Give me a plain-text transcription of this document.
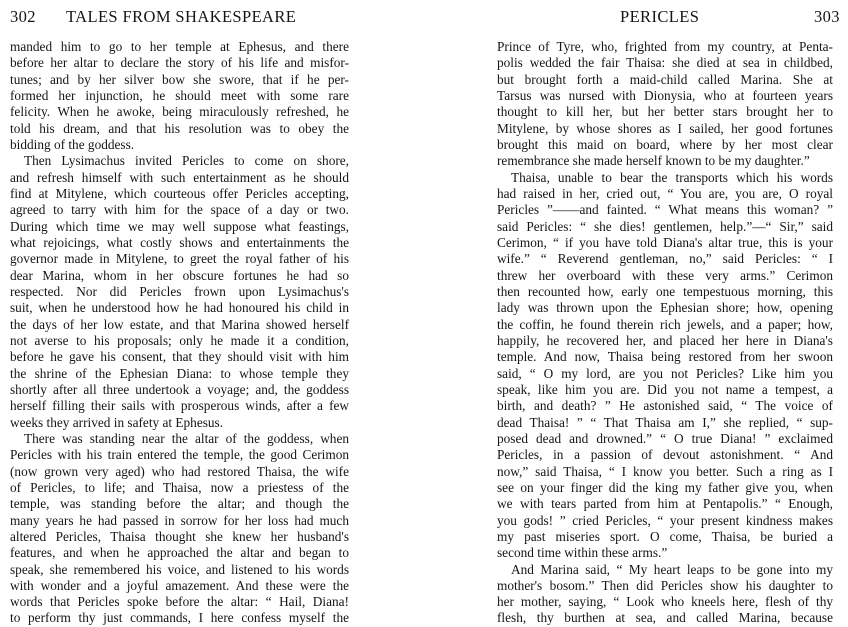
302 TALES FROM SHAKESPEARE
manded him to go to her temple at Ephesus, and there
before her altar to declare the story of his life and misfor-
tunes; and by her silver bow she swore, that if he per-
formed her injunction, he should meet with some rare
felicity. When he awoke, being miraculously refreshed, he
told his dream, and that his resolution was to obey the
bidding of the goddess.
Then Lysimachus invited Pericles to come on shore,
and refresh himself with such entertainment as he should
find at Mitylene, which courteous offer Pericles accepting,
agreed to tarry with him for the space of a day or two.
During which time we may well suppose what feastings,
what rejoicings, what costly shows and entertainments the
governor made in Mitylene, to greet the royal father of his
dear Marina, whom in her obscure fortunes he had so
respected. Nor did Pericles frown upon Lysimachus's
suit, when he understood how he had honoured his child in
the days of her low estate, and that Marina showed herself
not averse to his proposals; only he made it a condition,
before he gave his consent, that they should visit with him
the shrine of the Ephesian Diana: to whose temple they
shortly after all three undertook a voyage; and, the goddess
herself filling their sails with prosperous winds, after a few
weeks they arrived in safety at Ephesus.
There was standing near the altar of the goddess, when
Pericles with his train entered the temple, the good Cerimon
(now grown very aged) who had restored Thaisa, the wife
of Pericles, to life; and Thaisa, now a priestess of the
temple, was standing before the altar; and though the
many years he had passed in sorrow for her loss had much
altered Pericles, Thaisa thought she knew her husband's
features, and when he approached the altar and began to
speak, she remembered his voice, and listened to his words
with wonder and a joyful amazement. And these were the
words that Pericles spoke before the altar: “ Hail, Diana!
to perform thy just commands, I here confess myself the
PERICLES	303
Prince of Tyre, who, frighted from my country, at Penta-
polis wedded the fair Thaisa: she died at sea in childbed,
but brought forth a maid-child called Marina. She at
Tarsus was nursed with Dionysia, who at fourteen years
thought to kill her, but her better stars brought her to
Mitylene, by whose shores as I sailed, her good fortunes
brought this maid on board, where by her most clear
remembrance she made herself known to be my daughter.”
Thaisa, unable to bear the transports which his words
had raised in her, cried out, “ You are, you are, O royal
Pericles ”——and fainted. “ What means this woman? ”
said Pericles: “ she dies! gentlemen, help.”—“ Sir,” said
Cerimon, “ if you have told Diana's altar true, this is your
wife.” “ Reverend gentleman, no,” said Pericles: “ I
threw her overboard with these very arms.” Cerimon
then recounted how, early one tempestuous morning, this
lady was thrown upon the Ephesian shore; how, opening
the coffin, he found therein rich jewels, and a paper; how,
happily, he recovered her, and placed her here in Diana's
temple. And now, Thaisa being restored from her swoon
said, “ O my lord, are you not Pericles? Like him you
speak, like him you are. Did you not name a tempest, a
birth, and death? ” He astonished said, “ The voice of
dead Thaisa! ” “ That Thaisa am I,” she replied, “ sup-
posed dead and drowned.” “ O true Diana! ” exclaimed
Pericles, in a passion of devout astonishment. “ And
now,” said Thaisa, “ I know you better. Such a ring as I
see on your finger did the king my father give you, when
we with tears parted from him at Pentapolis.” “ Enough,
you gods! ” cried Pericles, “ your present kindness makes
my past miseries sport. O come, Thaisa, be buried a
second time within these arms.”
And Marina said, “ My heart leaps to be gone into my
mother's bosom.” Then did Pericles show his daughter to
her mother, saying, “ Look who kneels here, flesh of thy
flesh, thy burthen at sea, and called Marina, because
